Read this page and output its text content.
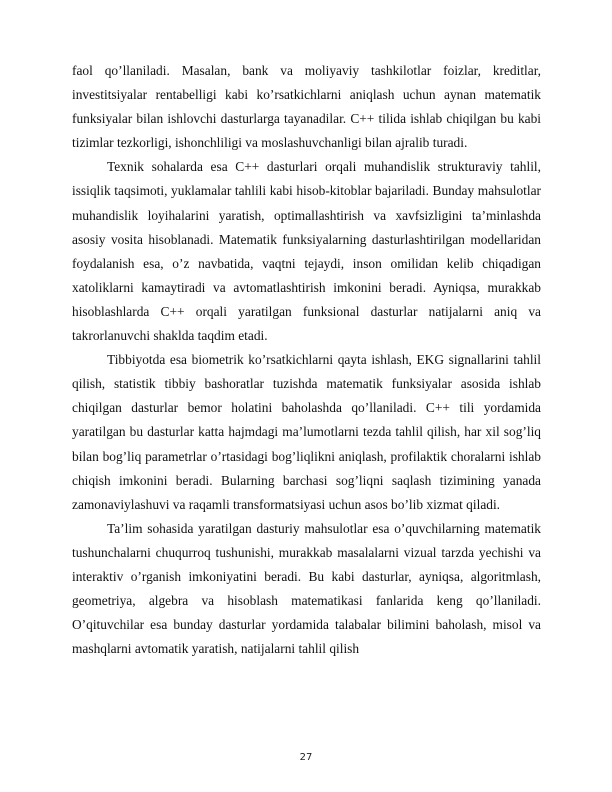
faol qo’llaniladi. Masalan, bank va moliyaviy tashkilotlar foizlar, kreditlar, investitsiyalar rentabelligi kabi ko’rsatkichlarni aniqlash uchun aynan matematik funksiyalar bilan ishlovchi dasturlarga tayanadilar. C++ tilida ishlab chiqilgan bu kabi tizimlar tezkorligi, ishonchliligi va moslashuvchanligi bilan ajralib turadi.

Texnik sohalarda esa C++ dasturlari orqali muhandislik strukturaviy tahlil, issiqlik taqsimoti, yuklamalar tahlili kabi hisob-kitoblar bajariladi. Bunday mahsulotlar muhandislik loyihalarini yaratish, optimallashtirish va xavfsizligini ta’minlashda asosiy vosita hisoblanadi. Matematik funksiyalarning dasturlashtirilgan modellaridan foydalanish esa, o’z navbatida, vaqtni tejaydi, inson omilidan kelib chiqadigan xatoliklarni kamaytiradi va avtomatlashtirish imkonini beradi. Ayniqsa, murakkab hisoblashlarda C++ orqali yaratilgan funksional dasturlar natijalarni aniq va takrorlanuvchi shaklda taqdim etadi.

Tibbiyotda esa biometrik ko’rsatkichlarni qayta ishlash, EKG signallarini tahlil qilish, statistik tibbiy bashoratlar tuzishda matematik funksiyalar asosida ishlab chiqilgan dasturlar bemor holatini baholashda qo’llaniladi. C++ tili yordamida yaratilgan bu dasturlar katta hajmdagi ma’lumotlarni tezda tahlil qilish, har xil sog’liq bilan bog’liq parametrlar o’rtasidagi bog’liqlikni aniqlash, profilaktik choralarni ishlab chiqish imkonini beradi. Bularning barchasi sog’liqni saqlash tizimining yanada zamonaviylashuvi va raqamli transformatsiyasi uchun asos bo’lib xizmat qiladi.

Ta’lim sohasida yaratilgan dasturiy mahsulotlar esa o’quvchilarning matematik tushunchalarni chuqurroq tushunishi, murakkab masalalarni vizual tarzda yechishi va interaktiv o’rganish imkoniyatini beradi. Bu kabi dasturlar, ayniqsa, algoritmlash, geometriya, algebra va hisoblash matematikasi fanlarida keng qo’llaniladi. O’qituvchilar esa bunday dasturlar yordamida talabalar bilimini baholash, misol va mashqlarni avtomatik yaratish, natijalarni tahlil qilish

27
